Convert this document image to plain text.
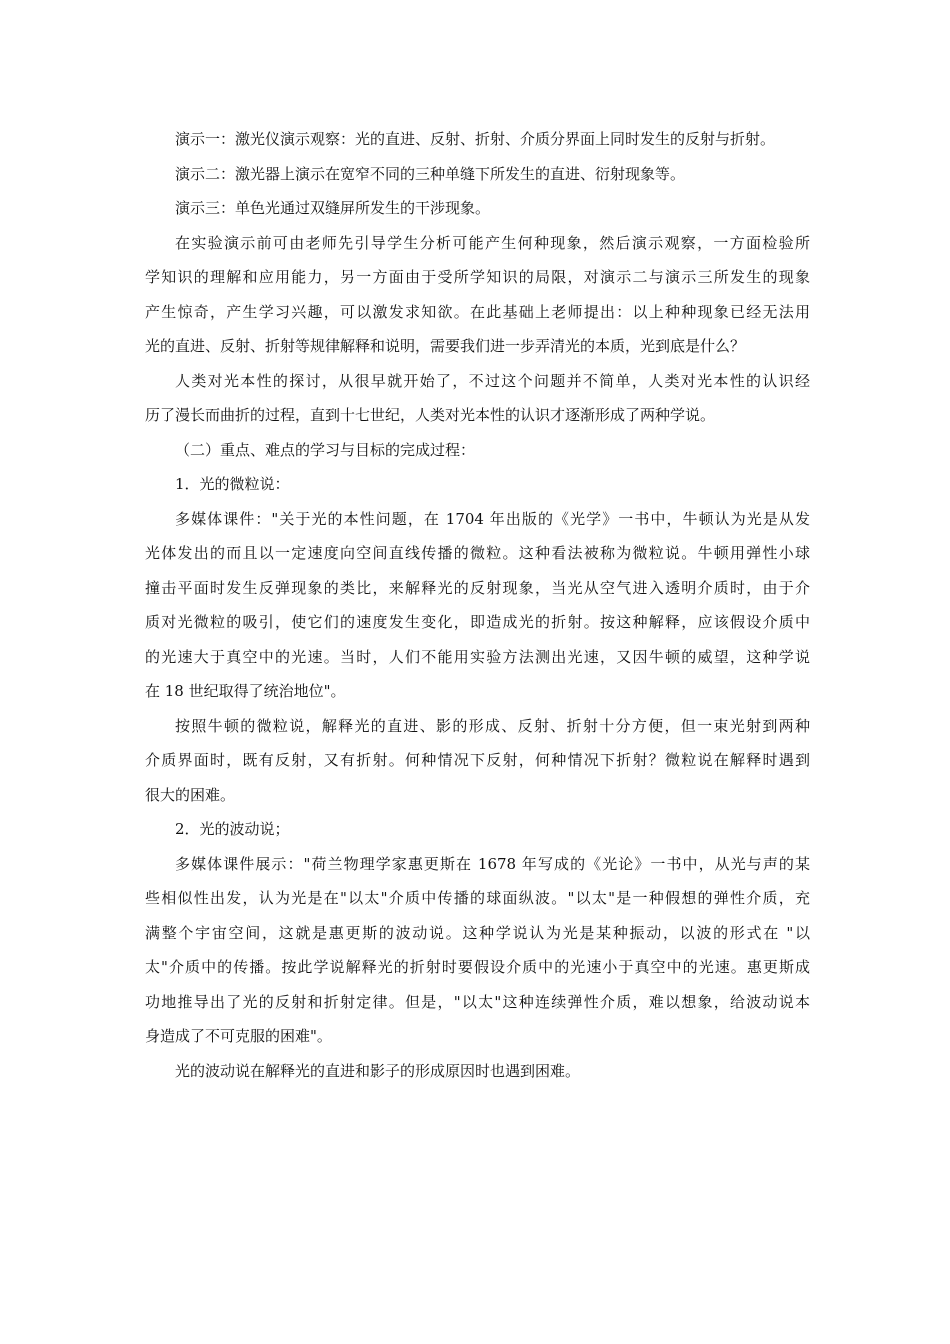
演示一：激光仪演示观察：光的直进、反射、折射、介质分界面上同时发生的反射与折射。
演示二：激光器上演示在宽窄不同的三种单缝下所发生的直进、衍射现象等。
演示三：单色光通过双缝屏所发生的干涉现象。
在实验演示前可由老师先引导学生分析可能产生何种现象，然后演示观察，一方面检验所
学知识的理解和应用能力，另一方面由于受所学知识的局限，对演示二与演示三所发生的现象
产生惊奇，产生学习兴趣，可以激发求知欲。在此基础上老师提出：以上种种现象已经无法用
光的直进、反射、折射等规律解释和说明，需要我们进一步弄清光的本质，光到底是什么？
人类对光本性的探讨，从很早就开始了，不过这个问题并不简单，人类对光本性的认识经
历了漫长而曲折的过程，直到十七世纪，人类对光本性的认识才逐渐形成了两种学说。
（二）重点、难点的学习与目标的完成过程：
1．光的微粒说：
多媒体课件："关于光的本性问题，在 1704 年出版的《光学》一书中，牛顿认为光是从发
光体发出的而且以一定速度向空间直线传播的微粒。这种看法被称为微粒说。牛顿用弹性小球
撞击平面时发生反弹现象的类比，来解释光的反射现象，当光从空气进入透明介质时，由于介
质对光微粒的吸引，使它们的速度发生变化，即造成光的折射。按这种解释，应该假设介质中
的光速大于真空中的光速。当时，人们不能用实验方法测出光速，又因牛顿的威望，这种学说
在 18 世纪取得了统治地位"。
按照牛顿的微粒说，解释光的直进、影的形成、反射、折射十分方便，但一束光射到两种
介质界面时，既有反射，又有折射。何种情况下反射，何种情况下折射？微粒说在解释时遇到
很大的困难。
2．光的波动说；
多媒体课件展示："荷兰物理学家惠更斯在 1678 年写成的《光论》一书中，从光与声的某
些相似性出发，认为光是在"以太"介质中传播的球面纵波。"以太"是一种假想的弹性介质，充
满整个宇宙空间，这就是惠更斯的波动说。这种学说认为光是某种振动，以波的形式在 "以
太"介质中的传播。按此学说解释光的折射时要假设介质中的光速小于真空中的光速。惠更斯成
功地推导出了光的反射和折射定律。但是，"以太"这种连续弹性介质，难以想象，给波动说本
身造成了不可克服的困难"。
光的波动说在解释光的直进和影子的形成原因时也遇到困难。
